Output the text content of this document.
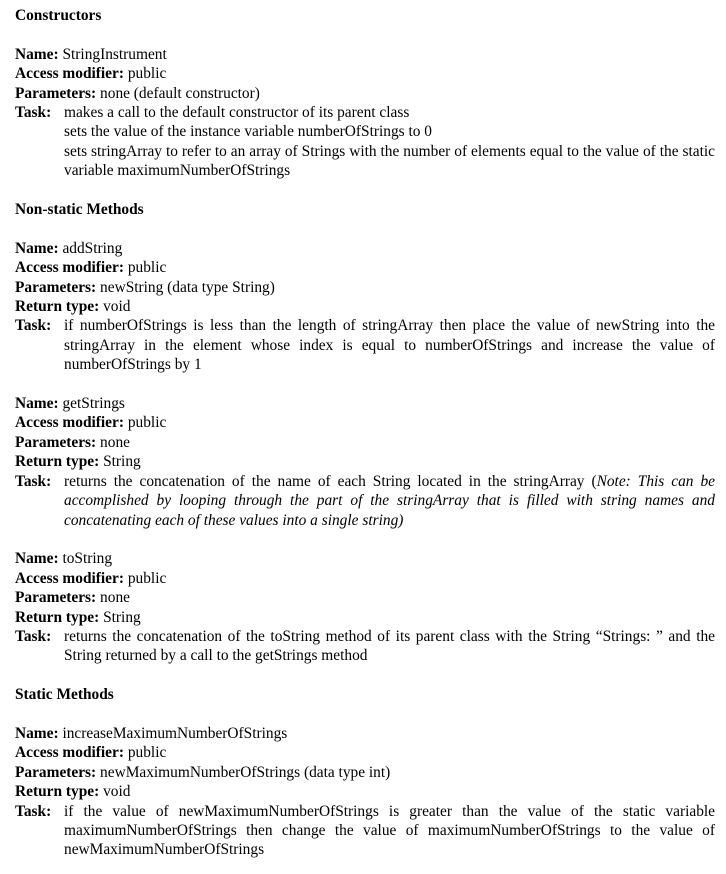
Constructors
Name: StringInstrument
Access modifier: public
Parameters: none (default constructor)
Task: makes a call to the default constructor of its parent class
sets the value of the instance variable numberOfStrings to 0
sets stringArray to refer to an array of Strings with the number of elements equal to the value of the static variable maximumNumberOfStrings
Non-static Methods
Name: addString
Access modifier: public
Parameters: newString (data type String)
Return type: void
Task: if numberOfStrings is less than the length of stringArray then place the value of newString into the stringArray in the element whose index is equal to numberOfStrings and increase the value of numberOfStrings by 1
Name: getStrings
Access modifier: public
Parameters: none
Return type: String
Task: returns the concatenation of the name of each String located in the stringArray (Note: This can be accomplished by looping through the part of the stringArray that is filled with string names and concatenating each of these values into a single string)
Name: toString
Access modifier: public
Parameters: none
Return type: String
Task: returns the concatenation of the toString method of its parent class with the String “Strings: ” and the String returned by a call to the getStrings method
Static Methods
Name: increaseMaximumNumberOfStrings
Access modifier: public
Parameters: newMaximumNumberOfStrings (data type int)
Return type: void
Task: if the value of newMaximumNumberOfStrings is greater than the value of the static variable maximumNumberOfStrings then change the value of maximumNumberOfStrings to the value of newMaximumNumberOfStrings
